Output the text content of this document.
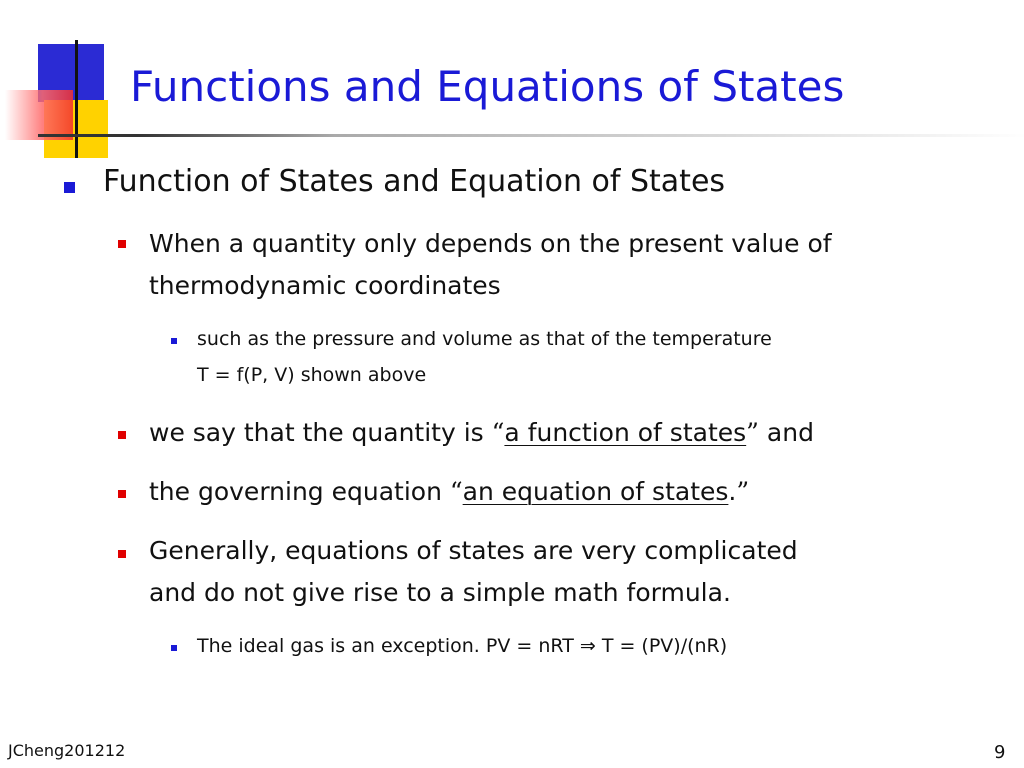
Functions and Equations of States
Function of States and Equation of States
When a quantity only depends on the present value of
thermodynamic coordinates
such as the pressure and volume as that of the temperature
T = f(P, V) shown above
we say that the quantity is “a function of states” and
the governing equation “an equation of states.”
Generally, equations of states are very complicated
and do not give rise to a simple math formula.
The ideal gas is an exception. PV = nRT ⇒ T = (PV)/(nR)
JCheng201212	9
